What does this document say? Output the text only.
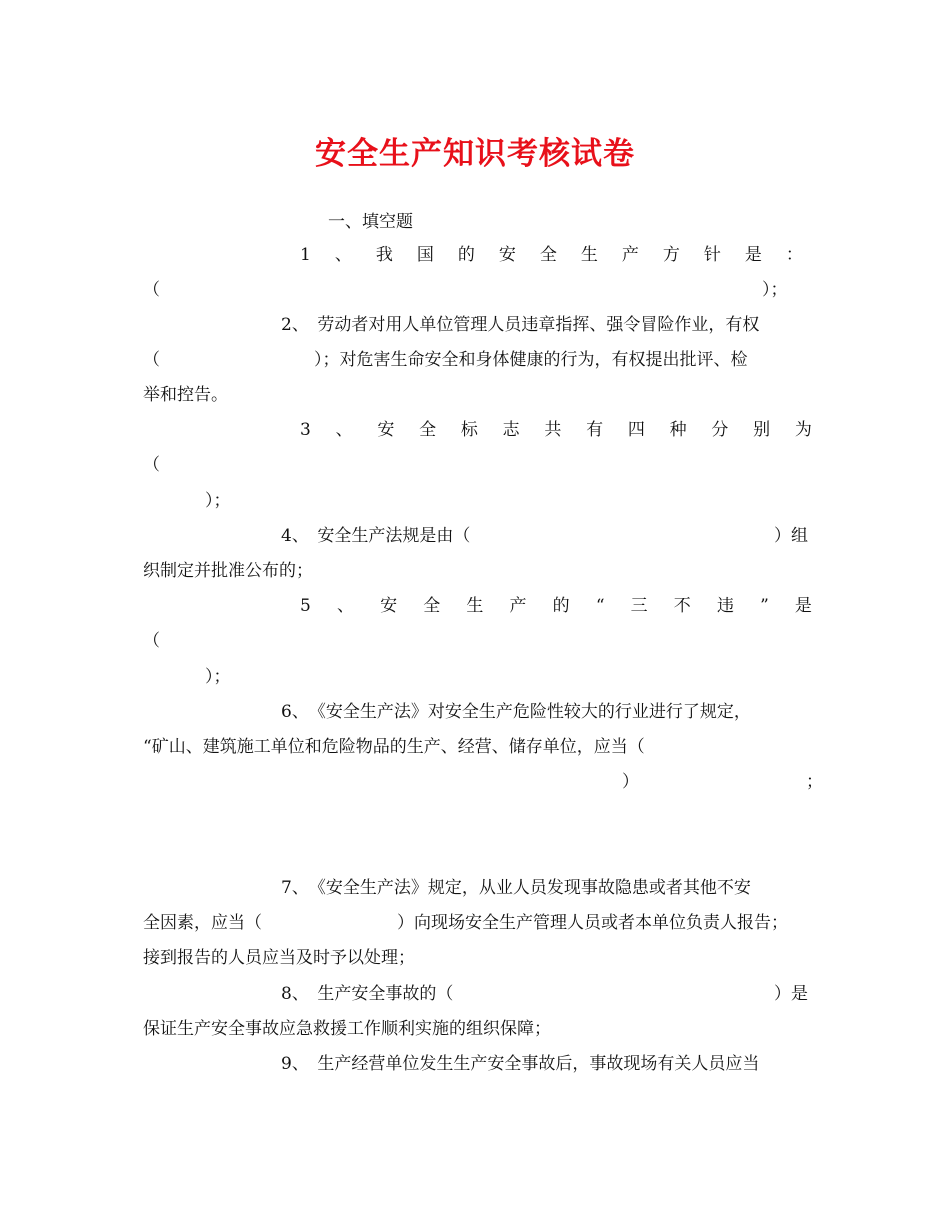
安全生产知识考核试卷
一、填空题
1 、 我 国 的 安 全 生 产 方 针 是 ：
（	）；
2、　劳动者对用人单位管理人员违章指挥、强令冒险作业，有权
（	）；对危害生命安全和身体健康的行为，有权提出批评、检
举和控告。
3 、 安 全 标 志 共 有 四 种 分 别 为
（
）；
4、　安全生产法规是由（	）组
织制定并批准公布的；
5 、 安 全 生 产 的 “ 三 不 违 ” 是
（
）；
6、　《安全生产法》对安全生产危险性较大的行业进行了规定，
“矿山、建筑施工单位和危险物品的生产、经营、储存单位，应当（
）	；
7、　《安全生产法》规定，从业人员发现事故隐患或者其他不安
全因素，应当（	）向现场安全生产管理人员或者本单位负责人报告；
接到报告的人员应当及时予以处理；
8、　生产安全事故的（	）是
保证生产安全事故应急救援工作顺利实施的组织保障；
9、　生产经营单位发生生产安全事故后，事故现场有关人员应当
